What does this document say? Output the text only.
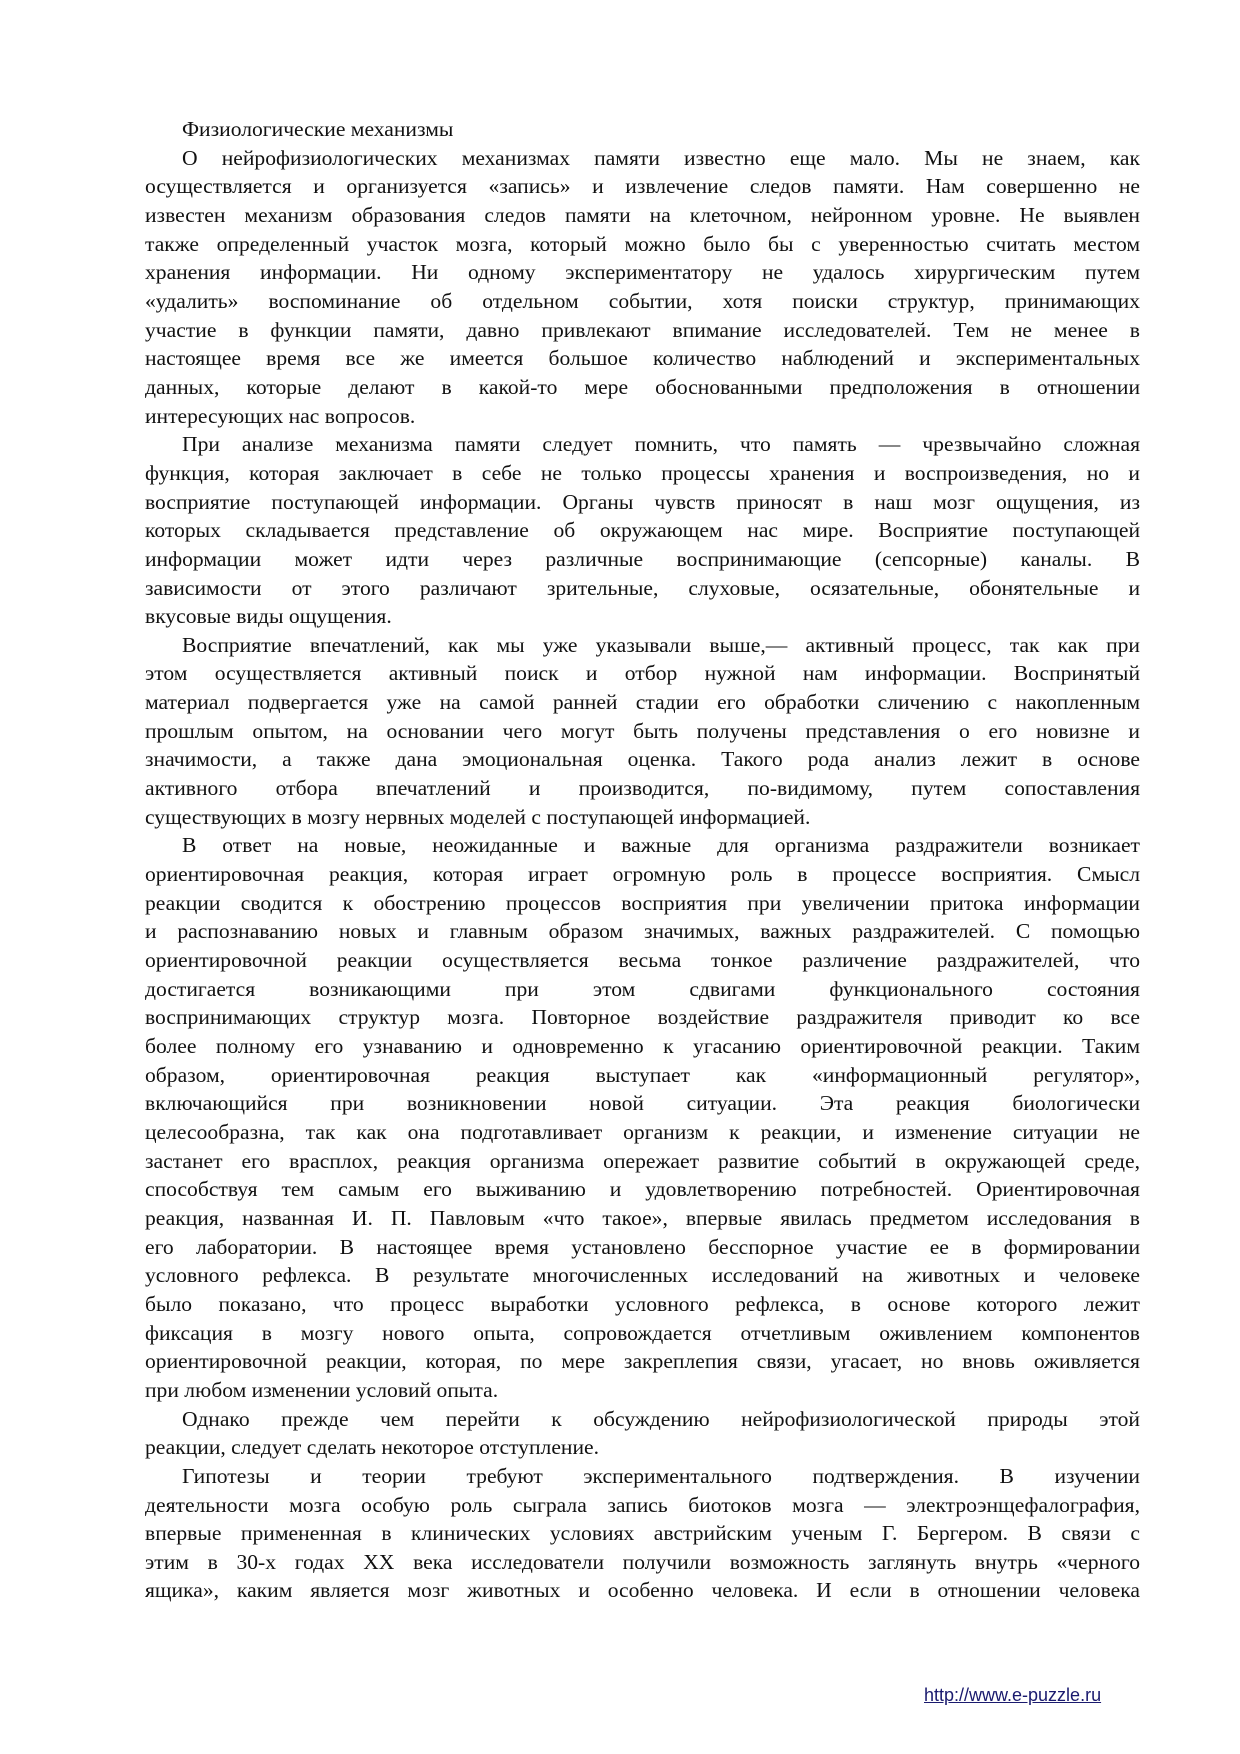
Физиологические механизмы
О нейрофизиологических механизмах памяти известно еще мало. Мы не знаем, как
осуществляется и организуется «запись» и извлечение следов памяти. Нам совершенно не
известен механизм образования следов памяти на клеточном, нейронном уровне. Не выявлен
также определенный участок мозга, который можно было бы с уверенностью считать местом
хранения информации. Ни одному экспериментатору не удалось хирургическим путем
«удалить» воспоминание об отдельном событии, хотя поиски структур, принимающих
участие в функции памяти, давно привлекают впимание исследователей. Тем не менее в
настоящее время все же имеется большое количество наблюдений и экспериментальных
данных, которые делают в какой-то мере обоснованными предположения в отношении
интересующих нас вопросов.
При анализе механизма памяти следует помнить, что память — чрезвычайно сложная
функция, которая заключает в себе не только процессы хранения и воспроизведения, но и
восприятие поступающей информации. Органы чувств приносят в наш мозг ощущения, из
которых складывается представление об окружающем нас мире. Восприятие поступающей
информации может идти через различные воспринимающие (сепсорные) каналы. В
зависимости от этого различают зрительные, слуховые, осязательные, обонятельные и
вкусовые виды ощущения.
Восприятие впечатлений, как мы уже указывали выше,— активный процесс, так как при
этом осуществляется активный поиск и отбор нужной нам информации. Воспринятый
материал подвергается уже на самой ранней стадии его обработки сличению с накопленным
прошлым опытом, на основании чего могут быть получены представления о его новизне и
значимости, а также дана эмоциональная оценка. Такого рода анализ лежит в основе
активного отбора впечатлений и производится, по-видимому, путем сопоставления
существующих в мозгу нервных моделей с поступающей информацией.
В ответ на новые, неожиданные и важные для организма раздражители возникает
ориентировочная реакция, которая играет огромную роль в процессе восприятия. Смысл
реакции сводится к обострению процессов восприятия при увеличении притока информации
и распознаванию новых и главным образом значимых, важных раздражителей. С помощью
ориентировочной реакции осуществляется весьма тонкое различение раздражителей, что
достигается возникающими при этом сдвигами функционального состояния
воспринимающих структур мозга. Повторное воздействие раздражителя приводит ко все
более полному его узнаванию и одновременно к угасанию ориентировочной реакции. Таким
образом, ориентировочная реакция выступает как «информационный регулятор»,
включающийся при возникновении новой ситуации. Эта реакция биологически
целесообразна, так как она подготавливает организм к реакции, и изменение ситуации не
застанет его врасплох, реакция организма опережает развитие событий в окружающей среде,
способствуя тем самым его выживанию и удовлетворению потребностей. Ориентировочная
реакция, названная И. П. Павловым «что такое», впервые явилась предметом исследования в
его лаборатории. В настоящее время установлено бесспорное участие ее в формировании
условного рефлекса. В результате многочисленных исследований на животных и человеке
было показано, что процесс выработки условного рефлекса, в основе которого лежит
фиксация в мозгу нового опыта, сопровождается отчетливым оживлением компонентов
ориентировочной реакции, которая, по мере закреплепия связи, угасает, но вновь оживляется
при любом изменении условий опыта.
Однако прежде чем перейти к обсуждению нейрофизиологической природы этой
реакции, следует сделать некоторое отступление.
Гипотезы и теории требуют экспериментального подтверждения. В изучении
деятельности мозга особую роль сыграла запись биотоков мозга — электроэнщефалография,
впервые примененная в клинических условиях австрийским ученым Г. Бергером. В связи с
этим в 30-х годах XX века исследователи получили возможность заглянуть внутрь «черного
ящика», каким является мозг животных и особенно человека. И если в отношении человека
http://www.e-puzzle.ru
